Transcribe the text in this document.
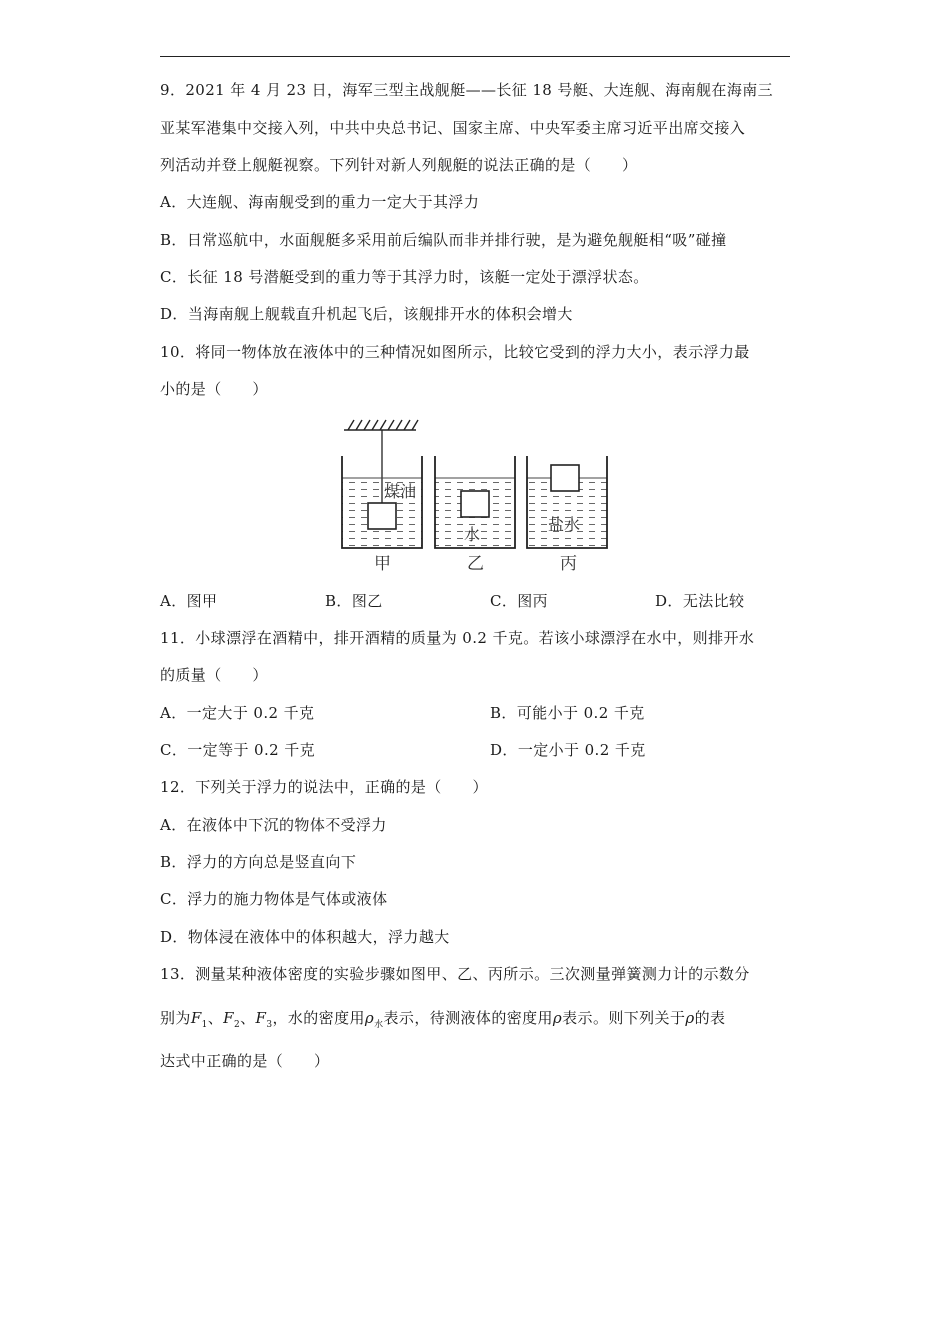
9．2021 年 4 月 23 日，海军三型主战舰艇——长征 18 号艇、大连舰、海南舰在海南三
亚某军港集中交接入列，中共中央总书记、国家主席、中央军委主席习近平出席交接入
列活动并登上舰艇视察。下列针对新人列舰艇的说法正确的是（　　）
A．大连舰、海南舰受到的重力一定大于其浮力
B．日常巡航中，水面舰艇多采用前后编队而非并排行驶，是为避免舰艇相“吸”碰撞
C．长征 18 号潜艇受到的重力等于其浮力时，该艇一定处于漂浮状态。
D．当海南舰上舰载直升机起飞后，该舰排开水的体积会增大
10．将同一物体放在液体中的三种情况如图所示，比较它受到的浮力大小，表示浮力最
小的是（　　）
煤油
水
盐水
甲	乙	丙
A．图甲	B．图乙	C．图丙	D．无法比较
11．小球漂浮在酒精中，排开酒精的质量为 0.2 千克。若该小球漂浮在水中，则排开水
的质量（　　）
A．一定大于 0.2 千克	B．可能小于 0.2 千克
C．一定等于 0.2 千克	D．一定小于 0.2 千克
12．下列关于浮力的说法中，正确的是（　　）
A．在液体中下沉的物体不受浮力
B．浮力的方向总是竖直向下
C．浮力的施力物体是气体或液体
D．物体浸在液体中的体积越大，浮力越大
13．测量某种液体密度的实验步骤如图甲、乙、丙所示。三次测量弹簧测力计的示数分
别为$F_1$、$F_2$、$F_3$，水的密度用$\rho_水$表示，待测液体的密度用ρ表示。则下列关于ρ的表
达式中正确的是（　　）
